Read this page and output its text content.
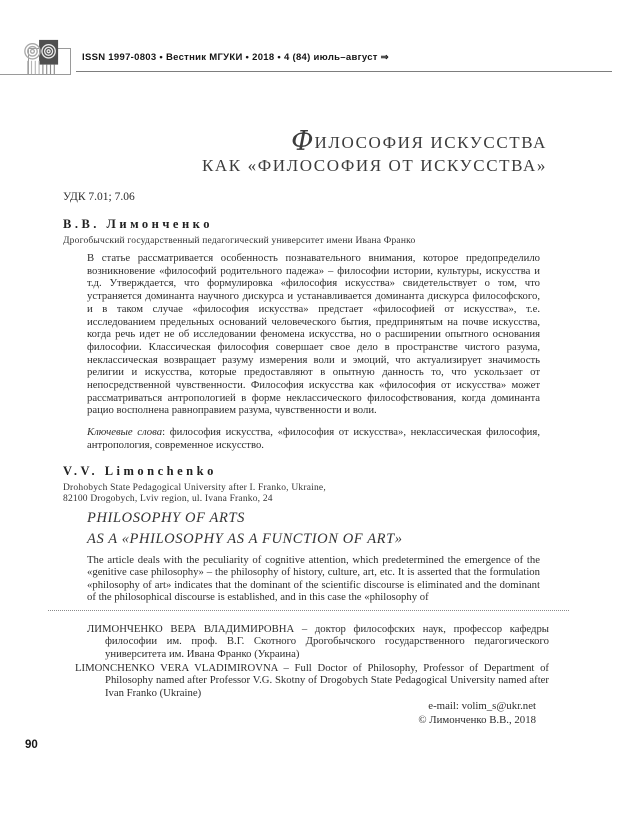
ISSN 1997-0803 • Вестник МГУКИ • 2018 • 4 (84) июль–август ⇒
ФИЛОСОФИЯ ИСКУССТВА
КАК «ФИЛОСОФИЯ ОТ ИСКУССТВА»
УДК 7.01; 7.06
В.В. Лимонченко
Дрогобычский государственный педагогический университет имени Ивана Франко
В статье рассматривается особенность познавательного внимания, которое предопределило возникновение «философий родительного падежа» – философии истории, культуры, искусства и т.д. Утверждается, что формулировка «философия искусства» свидетельствует о том, что устраняется доминанта научного дискурса и устанавливается доминанта дискурса философского, и в таком случае «философия искусства» предстает «философией от искусства», т.е. исследованием предельных оснований человеческого бытия, предпринятым на почве искусства, когда речь идет не об исследовании феномена искусства, но о расширении опытного основания философии. Классическая философия совершает свое дело в пространстве чистого разума, неклассическая возвращает разуму измерения воли и эмоций, что актуализирует значимость религии и искусства, которые предоставляют в опытную данность то, что ускользает от непосредственной чувственности. Философия искусства как «философия от искусства» может рассматриваться антропологией в форме неклассического философствования, когда доминанта рацио восполнена равноправием разума, чувственности и воли.
Ключевые слова: философия искусства, «философия от искусства», неклассическая философия, антропология, современное искусство.
V.V. Limonchenko
Drohobych State Pedagogical University after I. Franko, Ukraine,
82100 Drogobych, Lviv region, ul. Ivana Franko, 24
PHILOSOPHY OF ARTS
AS A «PHILOSOPHY AS A FUNCTION OF ART»
The article deals with the peculiarity of cognitive attention, which predetermined the emergence of the «genitive case philosophy» – the philosophy of history, culture, art, etc. It is asserted that the formulation «philosophy of art» indicates that the dominant of the scientific discourse is eliminated and the dominant of the philosophical discourse is established, and in this case the «philosophy of
ЛИМОНЧЕНКО ВЕРА ВЛАДИМИРОВНА – доктор философских наук, профессор кафедры философии им. проф. В.Г. Скотного Дрогобычского государственного педагогического университета им. Ивана Франко (Украина)
LIMONCHENKO VERA VLADIMIROVNA – Full Doctor of Philosophy, Professor of Department of Philosophy named after Professor V.G. Skotny of Drogobych State Pedagogical University named after Ivan Franko (Ukraine)
e-mail: volim_s@ukr.net
© Лимонченко В.В., 2018
90
